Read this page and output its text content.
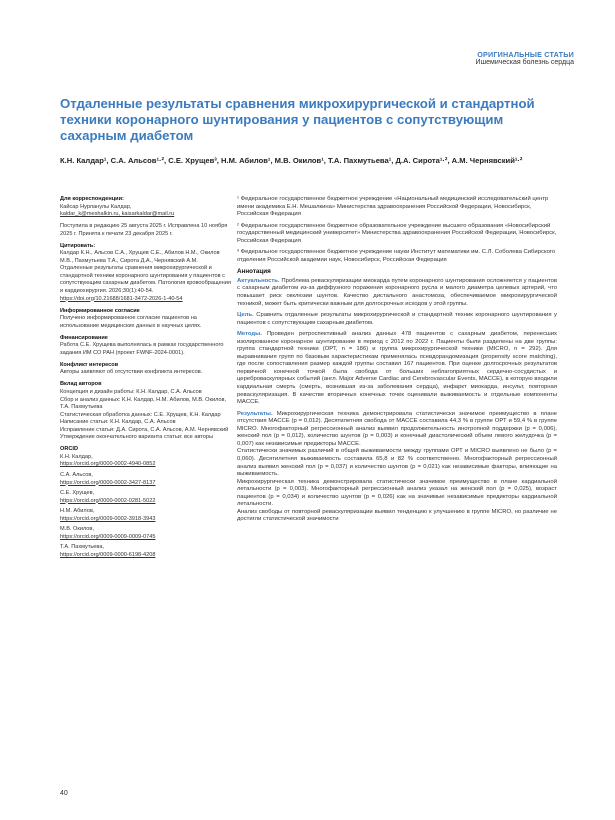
ОРИГИНАЛЬНЫЕ СТАТЬИ
Ишемическая болезнь сердца
Отдаленные результаты сравнения микрохирургической и стандартной техники коронарного шунтирования у пациентов с сопутствующим сахарным диабетом
К.Н. Калдар¹, С.А. Альсов¹·², С.Е. Хрущев³, Н.М. Абилов¹, М.В. Окилов¹, Т.А. Пахмутьева¹, Д.А. Сирота¹·², А.М. Чернявский¹·²
Для корреспонденции:
Кайсар Нурланулы Калдар,
kaldar_k@meshalkin.ru, kaisarkaldar@mail.ru
Поступила в редакцию 25 августа 2025 г. Исправлена 10 ноября 2025 г. Принята к печати 23 декабря 2025 г.
Цитировать:
Калдар К.Н., Альсов С.А., Хрущев С.Е., Абилов Н.М., Окилов М.В., Пахмутьева Т.А., Сирота Д.А., Чернявский А.М. Отдаленные результаты сравнения микрохирургической и стандартной техники коронарного шунтирования у пациентов с сопутствующим сахарным диабетом. Патология кровообращения и кардиохирургия. 2026;30(1):40-54.
https://doi.org/10.21688/1681-3472-2026-1-40-54
Информированное согласие
Получено информированное согласие пациентов на использование медицинских данных в научных целях.
Финансирование
Работа С.Е. Хрущева выполнялась в рамках государственного задания ИМ СО РАН (проект FWNF-2024-0001).
Конфликт интересов
Авторы заявляют об отсутствии конфликта интересов.
Вклад авторов
Концепция и дизайн работы: К.Н. Калдар, С.А. Альсов
Сбор и анализ данных: К.Н. Калдар, Н.М. Абилов, М.В. Окилов, Т.А. Пахмутьева
Статистическая обработка данных: С.Е. Хрущев, К.Н. Калдар
Написание статьи: К.Н. Калдар, С.А. Альсов
Исправление статьи: Д.А. Сирота, С.А. Альсов, А.М. Чернявский
Утверждение окончательного варианта статьи: все авторы
ORCID
К.Н. Калдар,
https://orcid.org/0000-0002-4940-0852
С.А. Альсов,
https://orcid.org/0000-0002-3427-8137
С.Е. Хрущев,
https://orcid.org/0000-0002-0281-5022
Н.М. Абилов,
https://orcid.org/0009-0002-3918-3943
М.В. Окилов,
https://orcid.org/0009-0009-0009-0745
Т.А. Пахмутьева,
https://orcid.org/0009-0000-6198-4208
¹ Федеральное государственное бюджетное учреждение «Национальный медицинский исследовательский центр имени академика Е.Н. Мешалкина» Министерства здравоохранения Российской Федерации, Новосибирск, Российская Федерация
² Федеральное государственное бюджетное образовательное учреждение высшего образования «Новосибирский государственный медицинский университет» Министерства здравоохранения Российской Федерации, Новосибирск, Российская Федерация
³ Федеральное государственное бюджетное учреждение науки Институт математики им. С.Л. Соболева Сибирского отделения Российской академии наук, Новосибирск, Российская Федерация
Аннотация
Актуальность. Проблема реваскуляризации миокарда путем коронарного шунтирования осложняется у пациентов с сахарным диабетом из-за диффузного поражения коронарного русла и малого диаметра целевых артерий, что повышает риск окклюзии шунтов. Качество дистального анастомоза, обеспечиваемое микрохирургической техникой, может быть критически важным для долгосрочных исходов у этой группы.
Цель. Сравнить отдаленные результаты микрохирургической и стандартной техник коронарного шунтирования у пациентов с сопутствующим сахарным диабетом.
Методы. Проведен ретроспективный анализ данных 478 пациентов с сахарным диабетом, перенесших изолированное коронарное шунтирование в период с 2012 по 2022 г. Пациенты были разделены на две группы: группа стандартной техники (ОРТ, n = 186) и группа микрохирургической техники (MICRO, n = 292). Для выравнивания групп по базовым характеристикам применялась псевдорандомизация (propensity score matching), где после сопоставления размер каждой группы составил 167 пациентов. При оценке долгосрочных результатов первичной конечной точкой была свобода от больших неблагоприятных сердечно-сосудистых и цереброваскулярных событий (англ. Major Adverse Cardiac and Cerebrovascular Events, MACCE), в которую входили кардиальная смерть (смерть, возникшая из-за заболевания сердца), инфаркт миокарда, инсульт, повторная реваскуляризация. В качестве вторичных конечных точек оценивали выживаемость и отдельные компоненты MACCE.
Результаты. Микрохирургическая техника демонстрировала статистически значимое преимущество в плане отсутствия MACCE (p = 0,012). Десятилетняя свобода от MACCE составила 44,3 % в группе ОРТ и 59,4 % в группе MICRO. Многофакторный регрессионный анализ выявил продолжительность инотропной поддержки (p = 0,006), женский пол (p = 0,012), количество шунтов (p = 0,003) и конечный диастолический объем левого желудочка (p = 0,007) как независимые предикторы MACCE.
Статистически значимых различий в общей выживаемости между группами ОРТ и MICRO выявлено не было (p = 0,060). Десятилетняя выживаемость составила 65,8 и 82 % соответственно. Многофакторный регрессионный анализ выявил женский пол (p = 0,037) и количество шунтов (p = 0,021) как независимые факторы, влияющие на выживаемость.
Микрохирургическая техника демонстрировала статистически значимое преимущество в плане кардиальной летальности (p = 0,003). Многофакторный регрессионный анализ указал на женский пол (p = 0,025), возраст пациентов (p = 0,034) и количество шунтов (p = 0,026) как на значимые независимые предикторы кардиальной летальности.
Анализ свободы от повторной реваскуляризации выявил тенденцию к улучшению в группе MICRO, но различие не достигли статистической значимости
40
